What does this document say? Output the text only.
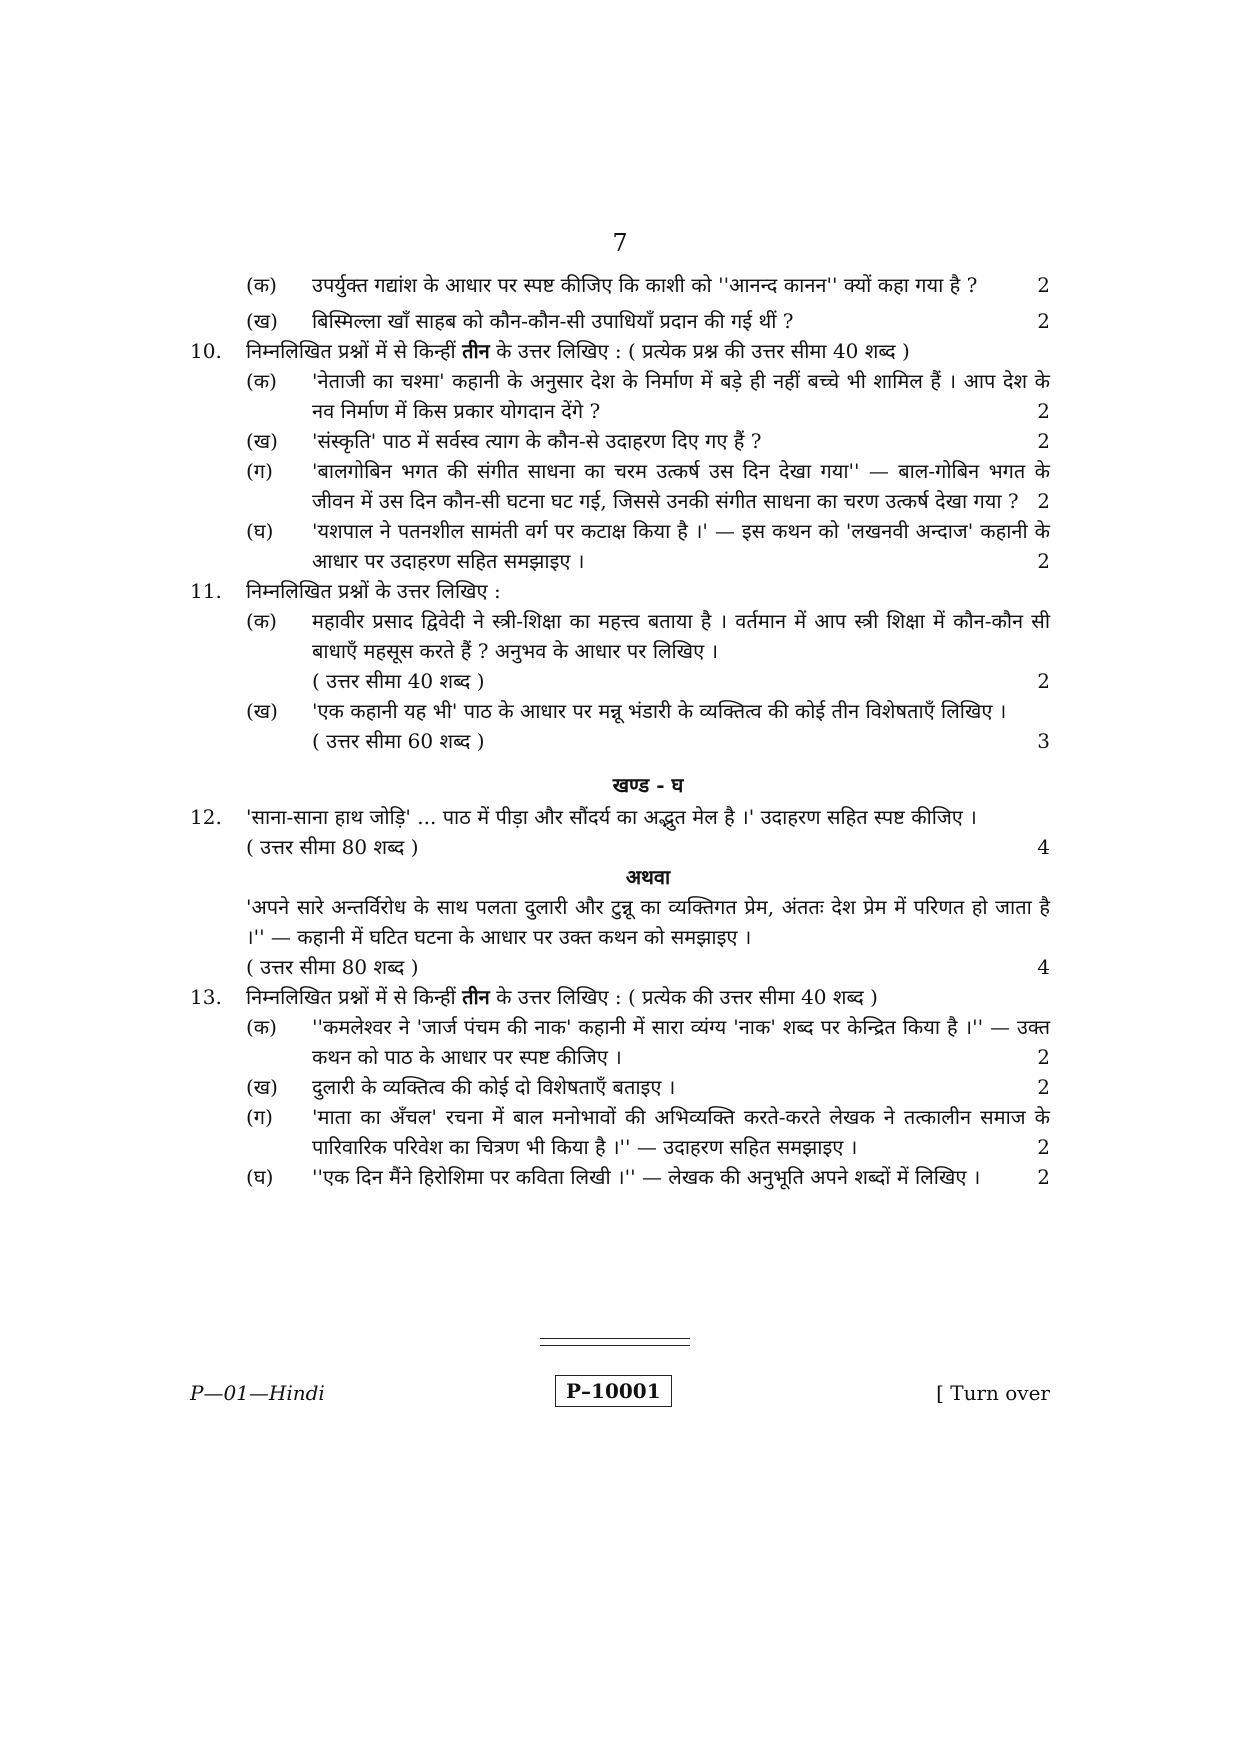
7
(क)	उपर्युक्त गद्यांश के आधार पर स्पष्ट कीजिए कि काशी को ''आनन्द कानन'' क्यों कहा गया है ?	2
(ख)	बिस्मिल्ला खाँ साहब को कौन-कौन-सी उपाधियाँ प्रदान की गई थीं ?	2
10.	निम्नलिखित प्रश्नों में से किन्हीं तीन के उत्तर लिखिए : ( प्रत्येक प्रश्न की उत्तर सीमा 40 शब्द )
(क)	'नेताजी का चश्मा' कहानी के अनुसार देश के निर्माण में बड़े ही नहीं बच्चे भी शामिल हैं । आप देश के नव निर्माण में किस प्रकार योगदान देंगे ?	2
(ख)	'संस्कृति' पाठ में सर्वस्व त्याग के कौन-से उदाहरण दिए गए हैं ?	2
(ग)	'बालगोबिन भगत की संगीत साधना का चरम उत्कर्ष उस दिन देखा गया'' — बाल-गोबिन भगत के जीवन में उस दिन कौन-सी घटना घट गई, जिससे उनकी संगीत साधना का चरण उत्कर्ष देखा गया ? 2
(घ)	'यशपाल ने पतनशील सामंती वर्ग पर कटाक्ष किया है ।' — इस कथन को 'लखनवी अन्दाज' कहानी के आधार पर उदाहरण सहित समझाइए ।	2
11.	निम्नलिखित प्रश्नों के उत्तर लिखिए :
(क)	महावीर प्रसाद द्विवेदी ने स्त्री-शिक्षा का महत्त्व बताया है । वर्तमान में आप स्त्री शिक्षा में कौन-कौन सी बाधाएँ महसूस करते हैं ? अनुभव के आधार पर लिखिए ।
( उत्तर सीमा 40 शब्द )	2
(ख)	'एक कहानी यह भी' पाठ के आधार पर मन्नू भंडारी के व्यक्तित्व की कोई तीन विशेषताएँ लिखिए ।
( उत्तर सीमा 60 शब्द )	3
खण्ड - घ
12.	'साना-साना हाथ जोड़ि' ... पाठ में पीड़ा और सौंदर्य का अद्भुत मेल है ।' उदाहरण सहित स्पष्ट कीजिए ।
( उत्तर सीमा 80 शब्द )	4
अथवा
'अपने सारे अन्तर्विरोध के साथ पलता दुलारी और टुन्नू का व्यक्तिगत प्रेम, अंततः देश प्रेम में परिणत हो जाता है ।'' — कहानी में घटित घटना के आधार पर उक्त कथन को समझाइए ।
( उत्तर सीमा 80 शब्द )	4
13.	निम्नलिखित प्रश्नों में से किन्हीं तीन के उत्तर लिखिए : ( प्रत्येक की उत्तर सीमा 40 शब्द )
(क)	''कमलेश्वर ने 'जार्ज पंचम की नाक' कहानी में सारा व्यंग्य 'नाक' शब्द पर केन्द्रित किया है ।'' — उक्त कथन को पाठ के आधार पर स्पष्ट कीजिए ।	2
(ख)	दुलारी के व्यक्तित्व की कोई दो विशेषताएँ बताइए ।	2
(ग)	'माता का अँचल' रचना में बाल मनोभावों की अभिव्यक्ति करते-करते लेखक ने तत्कालीन समाज के पारिवारिक परिवेश का चित्रण भी किया है ।'' — उदाहरण सहित समझाइए ।	2
(घ)	''एक दिन मैंने हिरोशिमा पर कविता लिखी ।'' — लेखक की अनुभूति अपने शब्दों में लिखिए ।	2
P—01—Hindi	P–10001	[ Turn over
